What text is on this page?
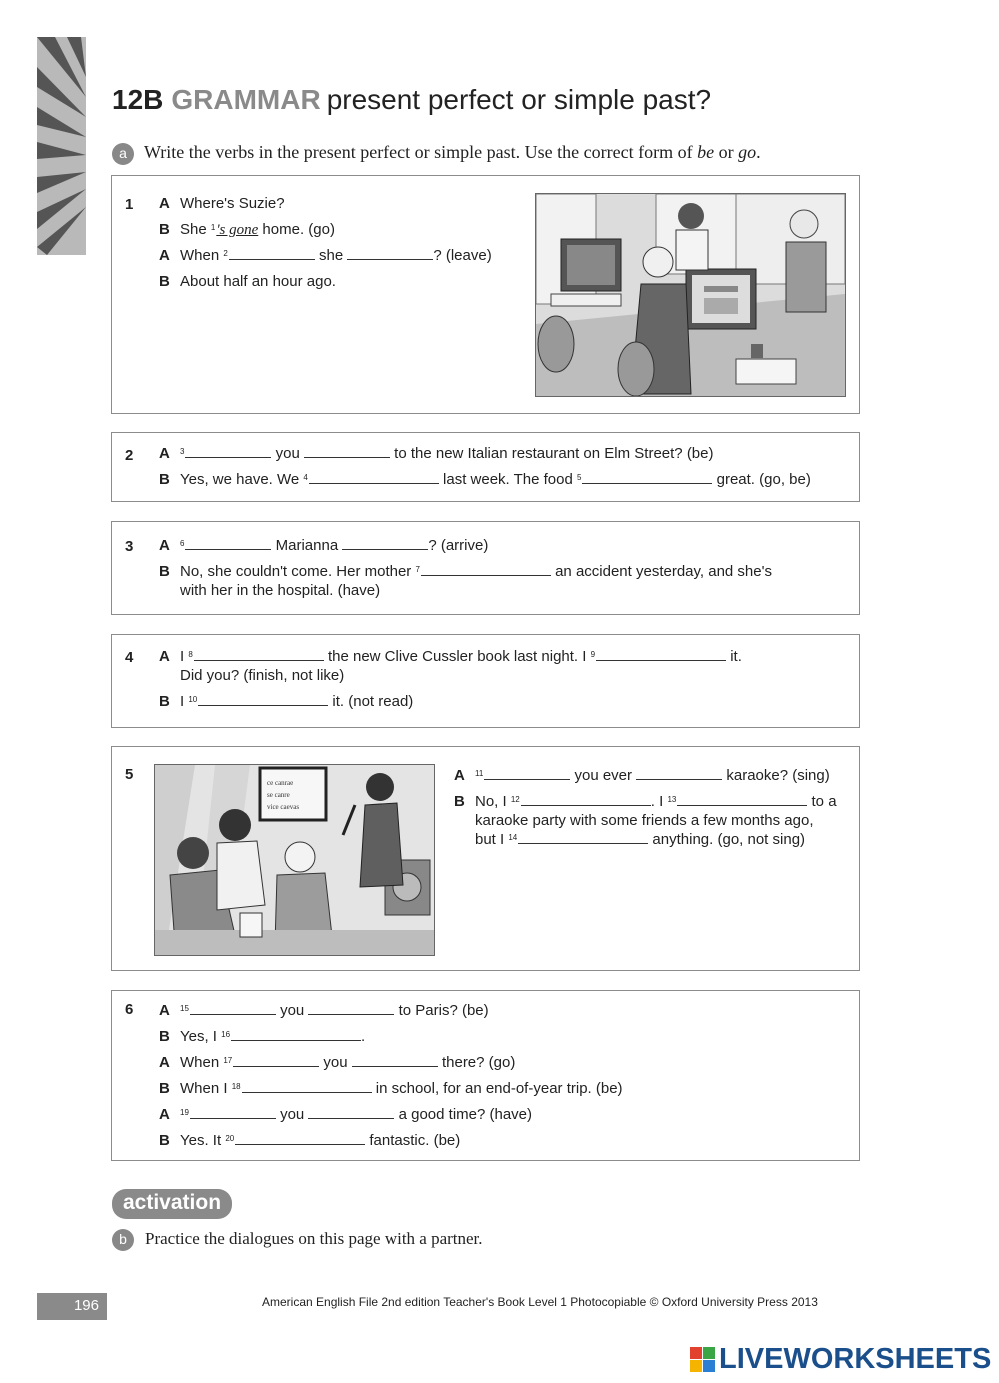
12B GRAMMAR present perfect or simple past?
a Write the verbs in the present perfect or simple past. Use the correct form of be or go.
1 A Where's Suzie?
B She $^1$'s gone home. (go)
A When $^2$	she	? (leave)
B About half an hour ago.
2 A $^3$	you	to the new Italian restaurant on Elm Street? (be)
B Yes, we have. We $^4$	last week. The food $^5$	great. (go, be)
3 A $^6$	Marianna	? (arrive)
B No, she couldn't come. Her mother $^7$	an accident yesterday, and she's
with her in the hospital. (have)
4 A I $^8$	the new Clive Cussler book last night. I $^9$	it.
Did you? (finish, not like)
B I $^{10}$	it. (not read)
5	ce canrae
se canre
vice caevas
A $^{11}$	you ever	karaoke? (sing)
B No, I $^{12}$	. I $^{13}$	to a
karaoke party with some friends a few months ago,
but I $^{14}$	anything. (go, not sing)
6 A $^{15}$	you	to Paris? (be)
B Yes, I $^{16}$	.
A When $^{17}$	you	there? (go)
B When I $^{18}$	in school, for an end-of-year trip. (be)
A $^{19}$	you	a good time? (have)
B Yes. It $^{20}$	fantastic. (be)
activation
b Practice the dialogues on this page with a partner.
196	American English File 2nd edition Teacher's Book Level 1 Photocopiable © Oxford University Press 2013
LIVEWORKSHEETS
